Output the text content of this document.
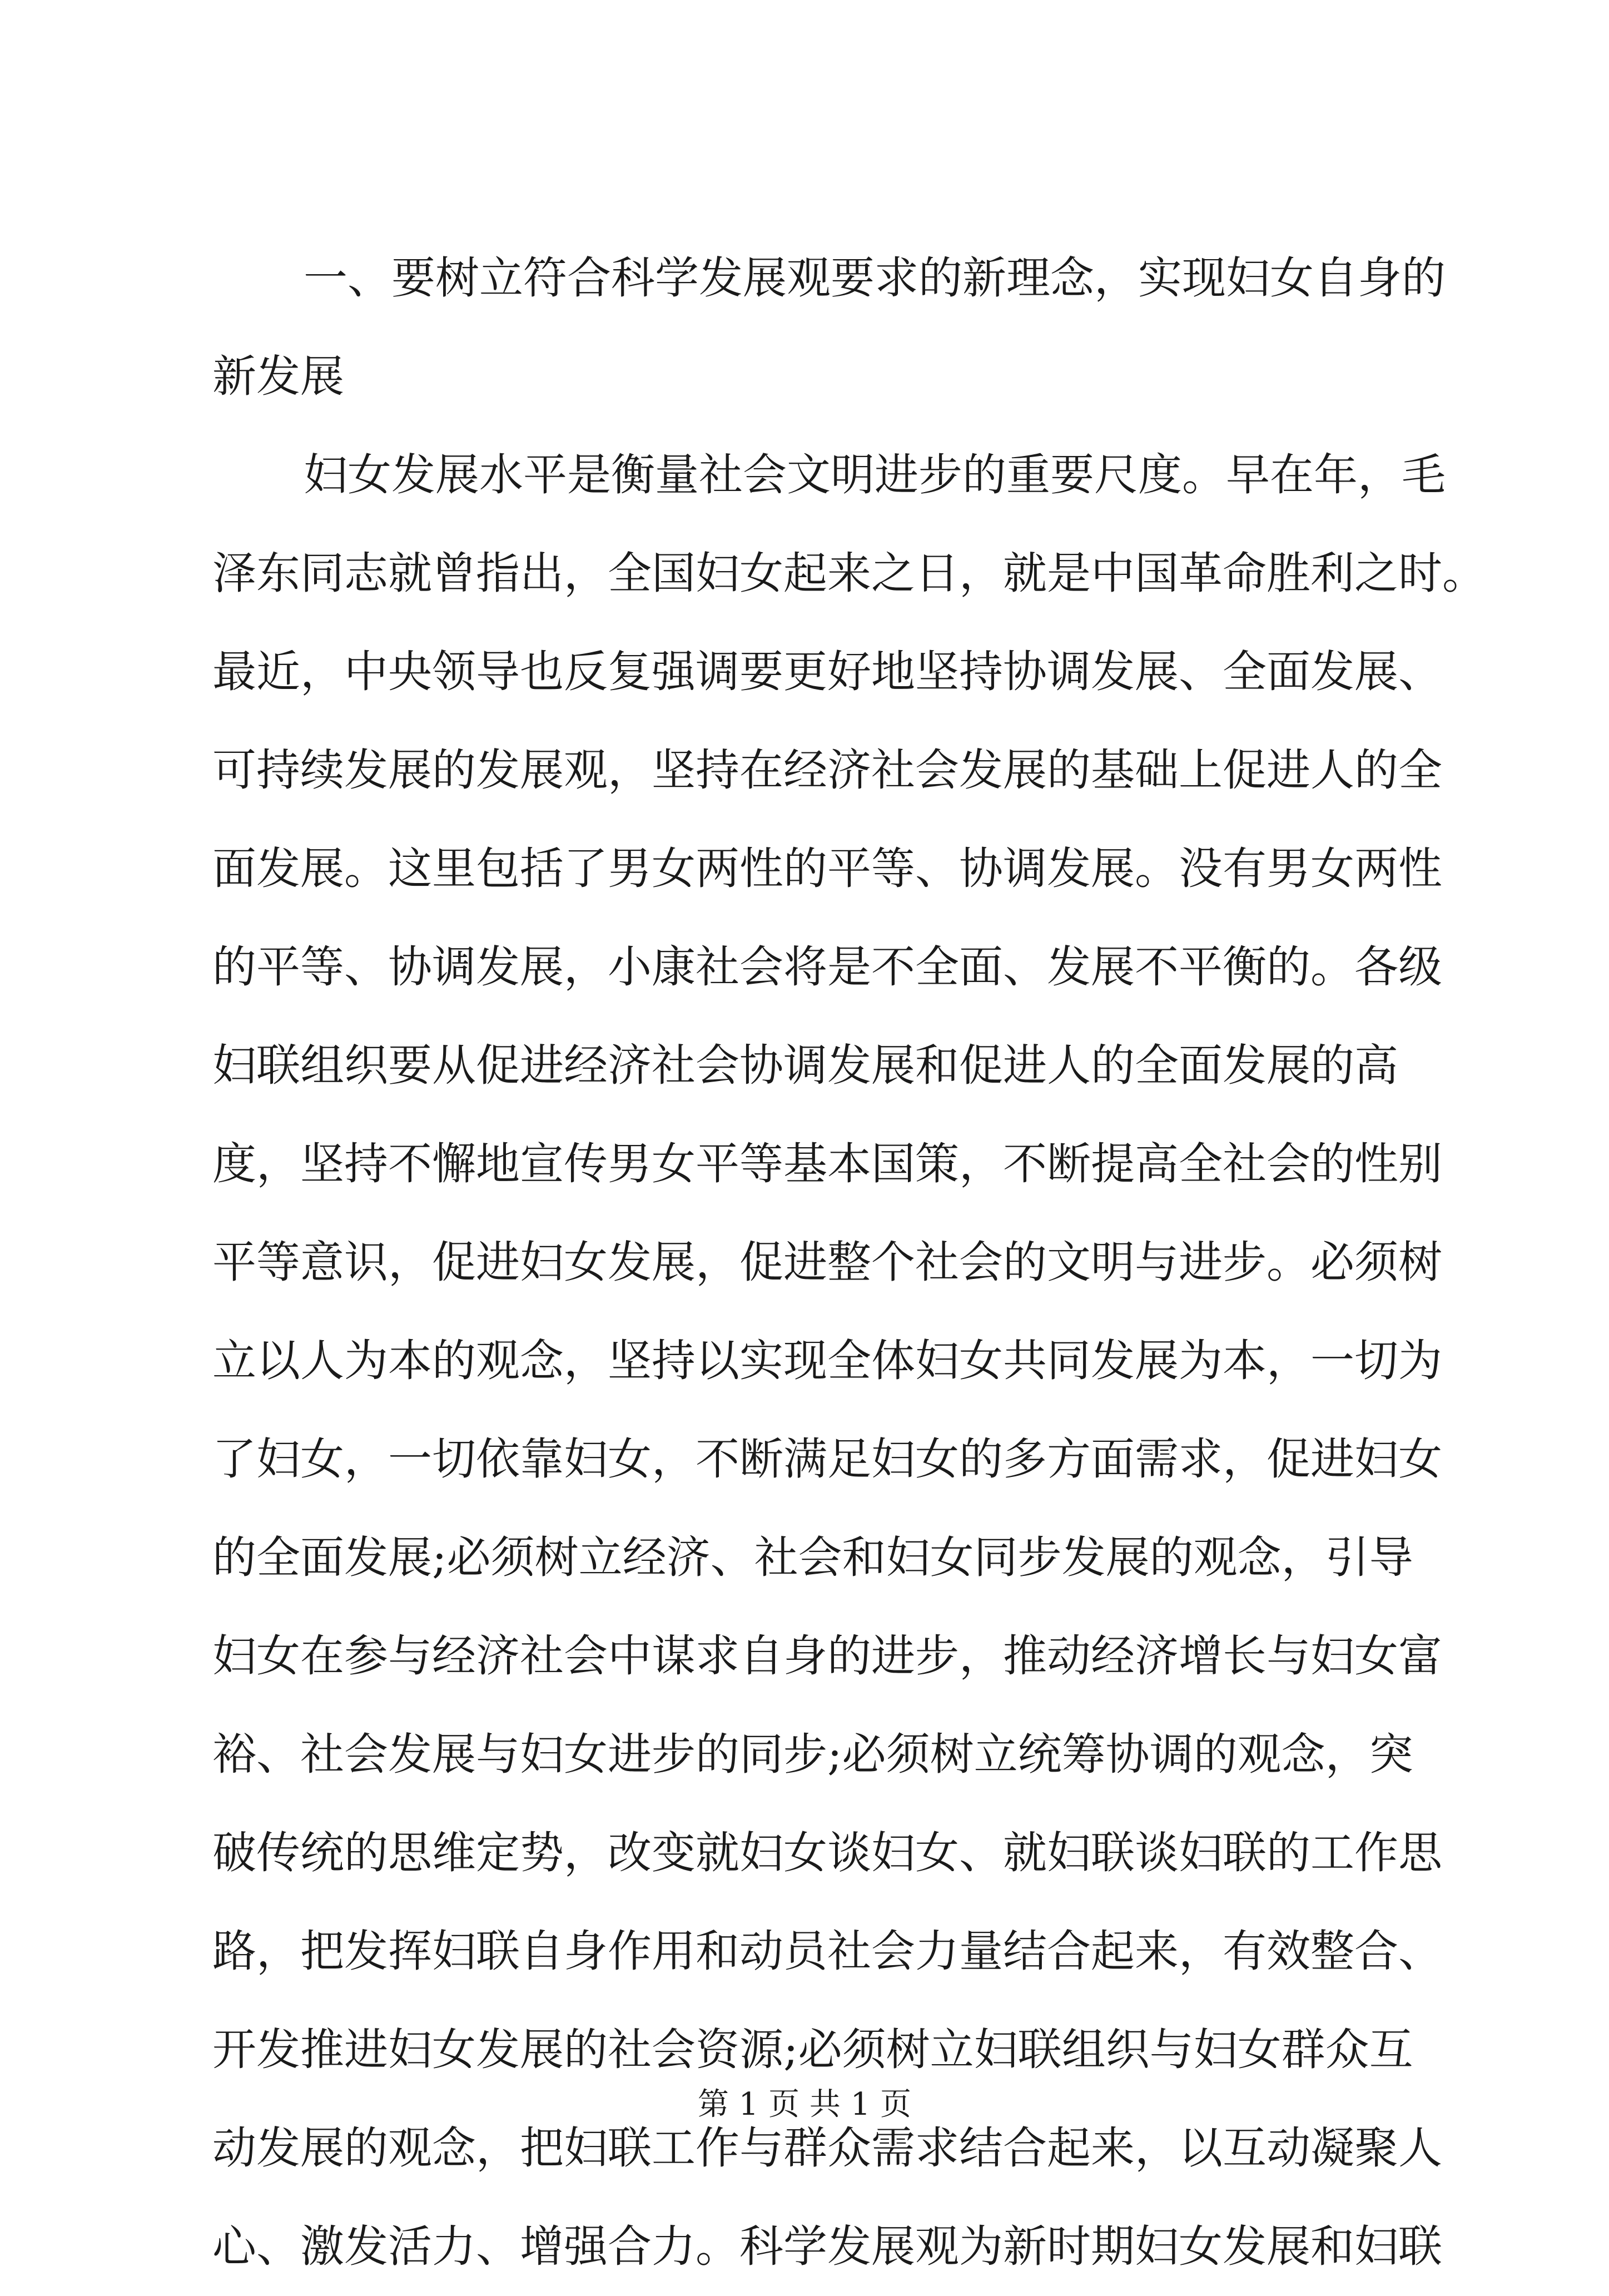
一、要树立符合科学发展观要求的新理念，实现妇女自身的
新发展
妇女发展水平是衡量社会文明进步的重要尺度。早在年，毛
泽东同志就曾指出，全国妇女起来之日，就是中国革命胜利之时。
最近，中央领导也反复强调要更好地坚持协调发展、全面发展、
可持续发展的发展观，坚持在经济社会发展的基础上促进人的全
面发展。这里包括了男女两性的平等、协调发展。没有男女两性
的平等、协调发展，小康社会将是不全面、发展不平衡的。各级
妇联组织要从促进经济社会协调发展和促进人的全面发展的高
度，坚持不懈地宣传男女平等基本国策，不断提高全社会的性别
平等意识，促进妇女发展，促进整个社会的文明与进步。必须树
立以人为本的观念，坚持以实现全体妇女共同发展为本，一切为
了妇女，一切依靠妇女，不断满足妇女的多方面需求，促进妇女
的全面发展;必须树立经济、社会和妇女同步发展的观念，引导
妇女在参与经济社会中谋求自身的进步，推动经济增长与妇女富
裕、社会发展与妇女进步的同步;必须树立统筹协调的观念，突
破传统的思维定势，改变就妇女谈妇女、就妇联谈妇联的工作思
路，把发挥妇联自身作用和动员社会力量结合起来，有效整合、
开发推进妇女发展的社会资源;必须树立妇联组织与妇女群众互
动发展的观念，把妇联工作与群众需求结合起来，以互动凝聚人
心、激发活力、增强合力。科学发展观为新时期妇女发展和妇联
第 1 页 共 1 页
